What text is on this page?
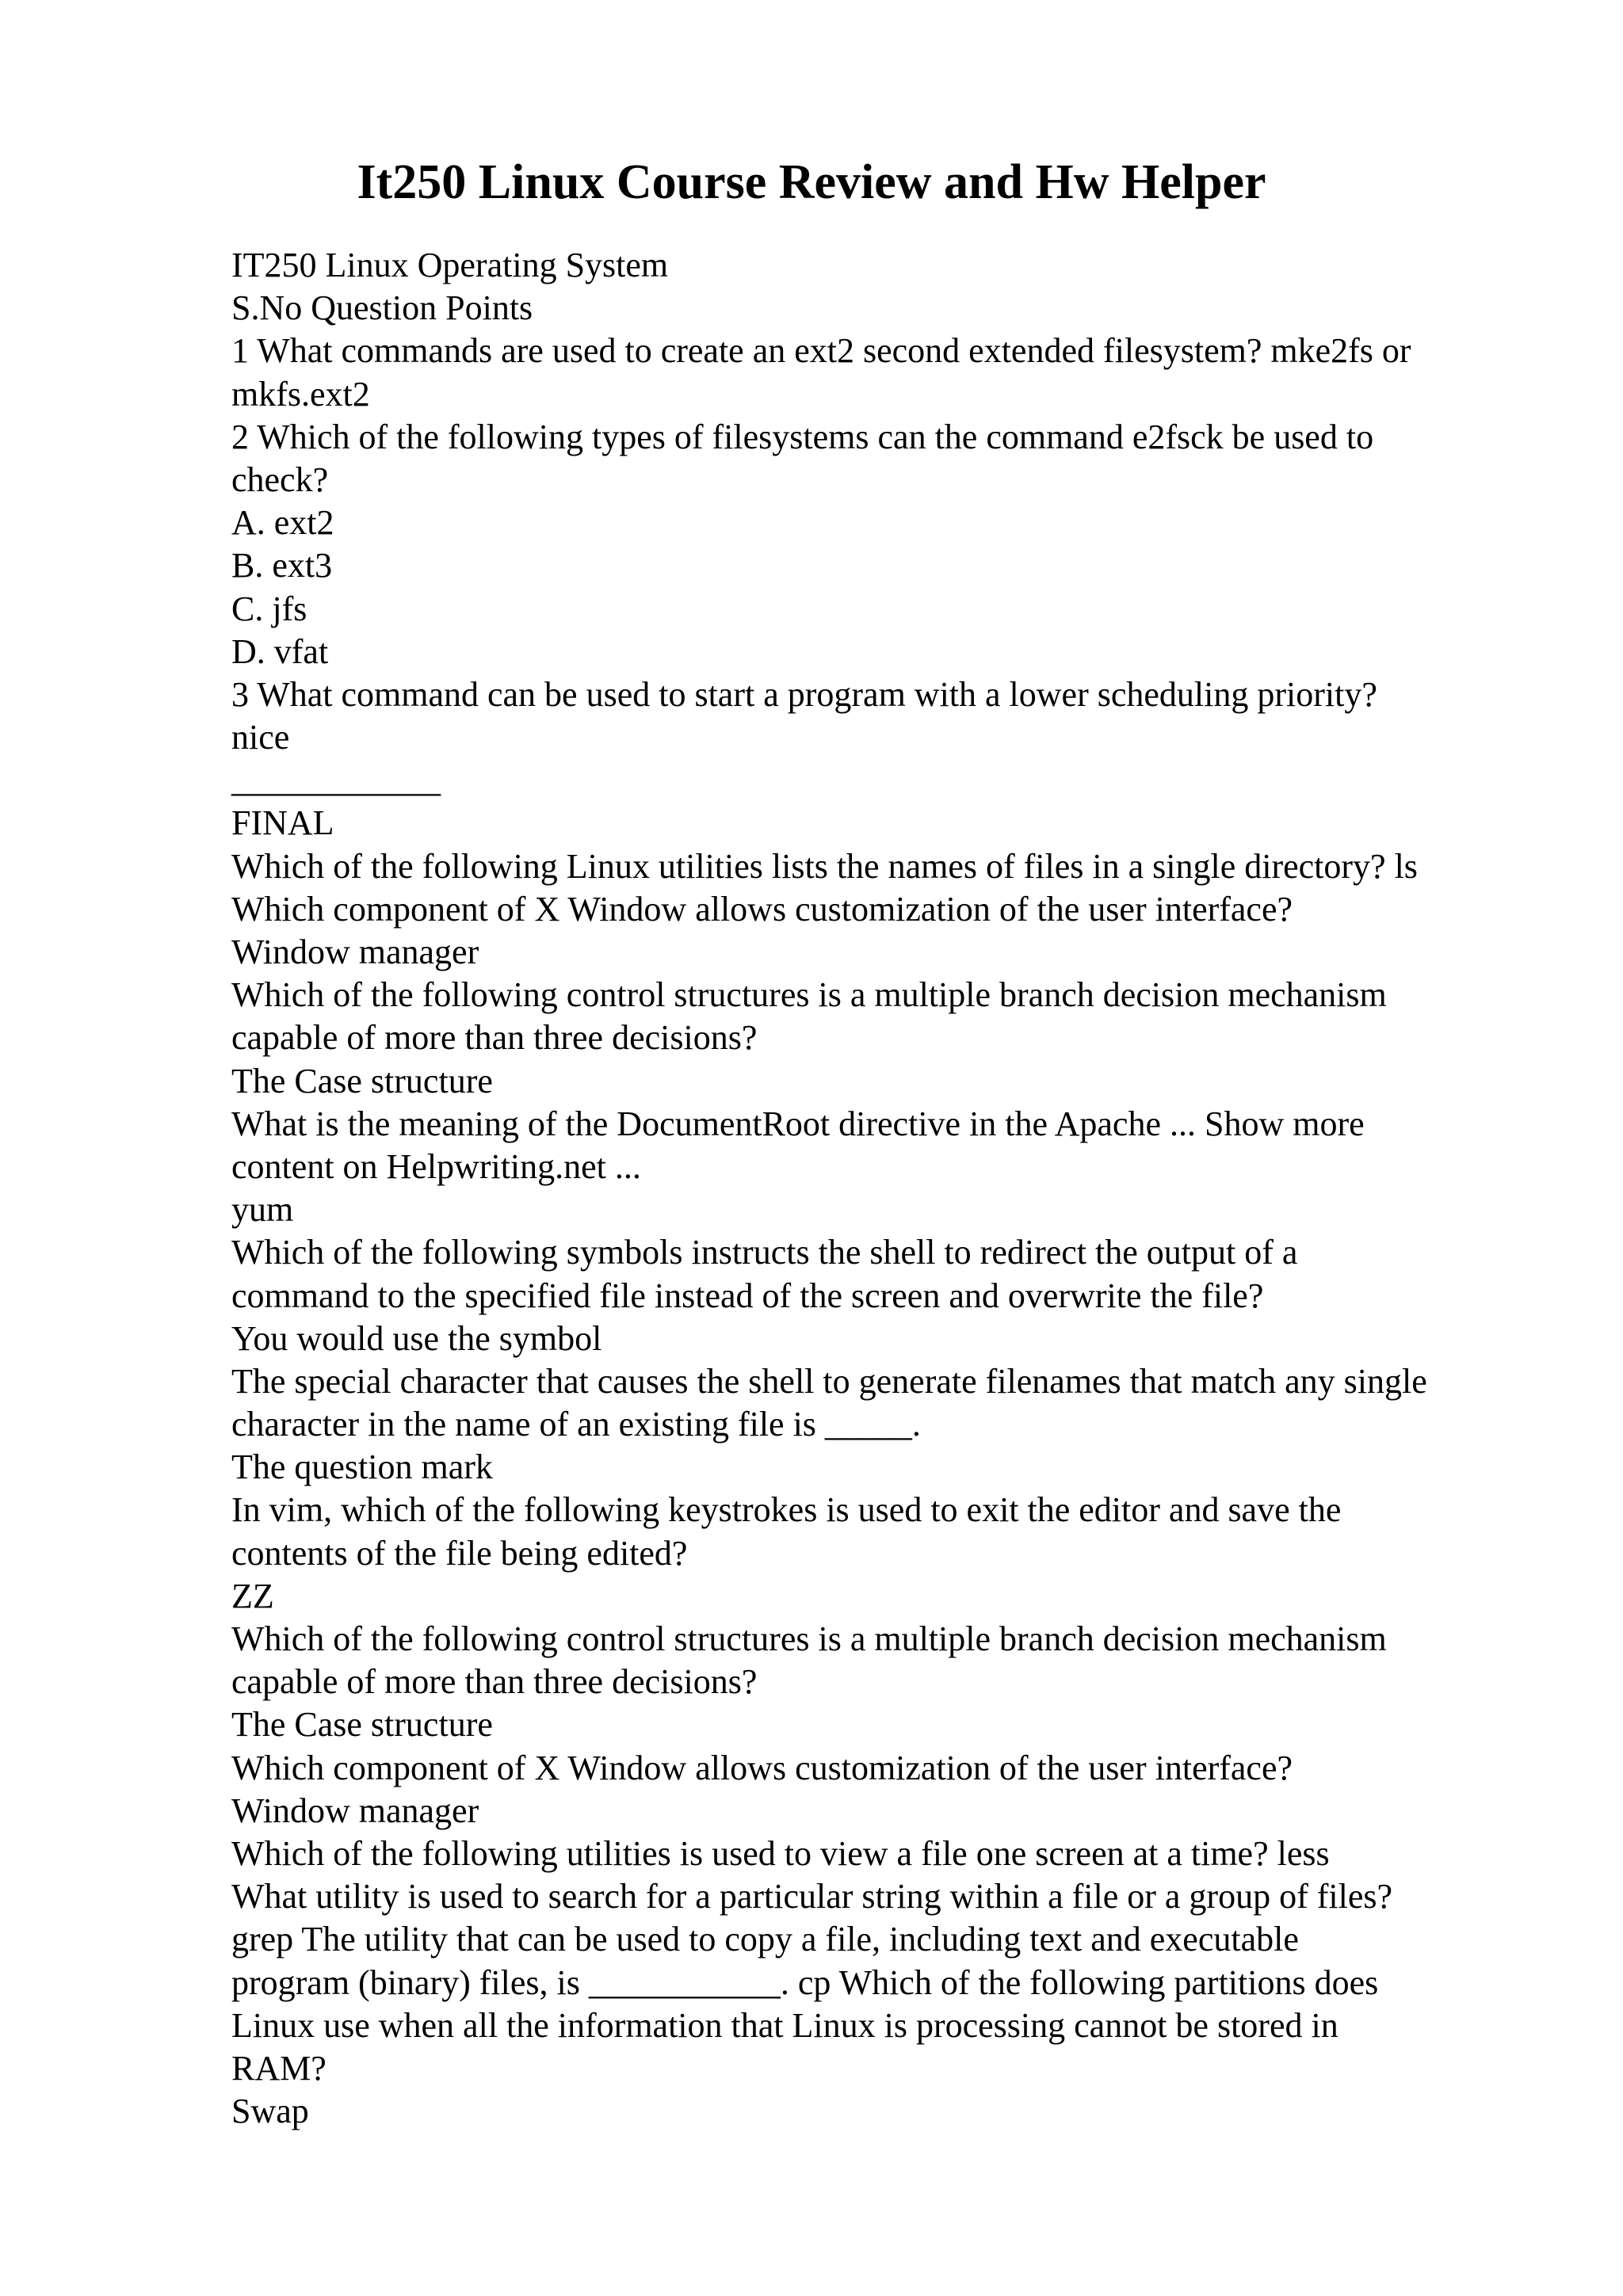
It250 Linux Course Review and Hw Helper
IT250 Linux Operating System
S.No Question Points
1 What commands are used to create an ext2 second extended filesystem? mke2fs or
mkfs.ext2
2 Which of the following types of filesystems can the command e2fsck be used to
check?
A. ext2
B. ext3
C. jfs
D. vfat
3 What command can be used to start a program with a lower scheduling priority?
nice
____________
FINAL
Which of the following Linux utilities lists the names of files in a single directory? ls
Which component of X Window allows customization of the user interface?
Window manager
Which of the following control structures is a multiple branch decision mechanism
capable of more than three decisions?
The Case structure
What is the meaning of the DocumentRoot directive in the Apache ... Show more
content on Helpwriting.net ...
yum
Which of the following symbols instructs the shell to redirect the output of a
command to the specified file instead of the screen and overwrite the file?
You would use the symbol
The special character that causes the shell to generate filenames that match any single
character in the name of an existing file is _____.
The question mark
In vim, which of the following keystrokes is used to exit the editor and save the
contents of the file being edited?
ZZ
Which of the following control structures is a multiple branch decision mechanism
capable of more than three decisions?
The Case structure
Which component of X Window allows customization of the user interface?
Window manager
Which of the following utilities is used to view a file one screen at a time? less
What utility is used to search for a particular string within a file or a group of files?
grep The utility that can be used to copy a file, including text and executable
program (binary) files, is ___________. cp Which of the following partitions does
Linux use when all the information that Linux is processing cannot be stored in
RAM?
Swap
